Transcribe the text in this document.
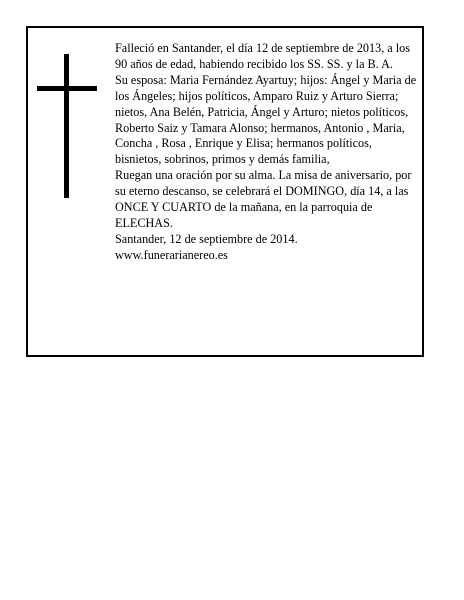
Falleció en Santander, el día 12 de septiembre de 2013, a los 90 años de edad, habiendo recibido los SS. SS. y la B. A.

Su esposa: Maria Fernández Ayartuy; hijos: Ángel y Maria de los Ángeles; hijos políticos, Amparo Ruiz y Arturo Sierra; nietos, Ana Belén, Patricia, Ángel y Arturo; nietos políticos, Roberto Saiz y Tamara Alonso; hermanos, Antonio , Maria, Concha , Rosa , Enrique y Elisa; hermanos políticos, bisnietos, sobrinos, primos y demás familia,

Ruegan una oración por su alma. La misa de aniversario, por su eterno descanso, se celebrará el DOMINGO, día 14, a las ONCE Y CUARTO de la mañana, en la parroquia de ELECHAS.

Santander, 12 de septiembre de 2014.

www.funerarianereo.es
